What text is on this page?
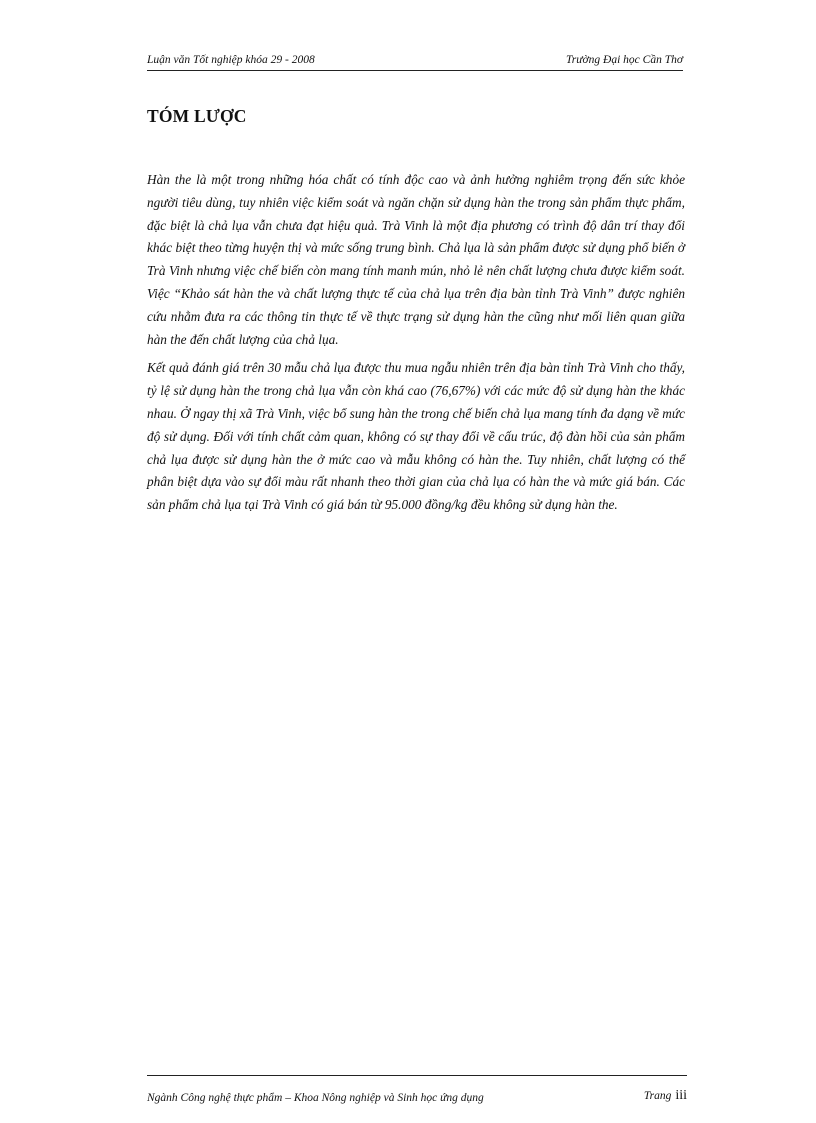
Luận văn Tốt nghiệp khóa 29 - 2008	Trường Đại học Cần Thơ
TÓM LƯỢC

Hàn the là một trong những hóa chất có tính độc cao và ảnh hưởng nghiêm trọng đến sức khỏe người tiêu dùng, tuy nhiên việc kiểm soát và ngăn chặn sử dụng hàn the trong sản phẩm thực phẩm, đặc biệt là chả lụa vẫn chưa đạt hiệu quả. Trà Vinh là một địa phương có trình độ dân trí thay đổi khác biệt theo từng huyện thị và mức sống trung bình. Chả lụa là sản phẩm được sử dụng phổ biến ở Trà Vinh nhưng việc chế biến còn mang tính manh mún, nhỏ lẻ nên chất lượng chưa được kiểm soát. Việc “Khảo sát hàn the và chất lượng thực tế của chả lụa trên địa bàn tỉnh Trà Vinh” được nghiên cứu nhằm đưa ra các thông tin thực tế về thực trạng sử dụng hàn the cũng như mối liên quan giữa hàn the đến chất lượng của chả lụa.

Kết quả đánh giá trên 30 mẫu chả lụa được thu mua ngẫu nhiên trên địa bàn tỉnh Trà Vinh cho thấy, tỷ lệ sử dụng hàn the trong chả lụa vẫn còn khá cao (76,67%) với các mức độ sử dụng hàn the khác nhau. Ở ngay thị xã Trà Vinh, việc bổ sung hàn the trong chế biến chả lụa mang tính đa dạng về mức độ sử dụng. Đối với tính chất cảm quan, không có sự thay đổi về cấu trúc, độ đàn hồi của sản phẩm chả lụa được sử dụng hàn the ở mức cao và mẫu không có hàn the. Tuy nhiên, chất lượng có thể phân biệt dựa vào sự đổi màu rất nhanh theo thời gian của chả lụa có hàn the và mức giá bán. Các sản phẩm chả lụa tại Trà Vinh có giá bán từ 95.000 đồng/kg đều không sử dụng hàn the.

Ngành Công nghệ thực phẩm – Khoa Nông nghiệp và Sinh học ứng dụng	Trang iii
